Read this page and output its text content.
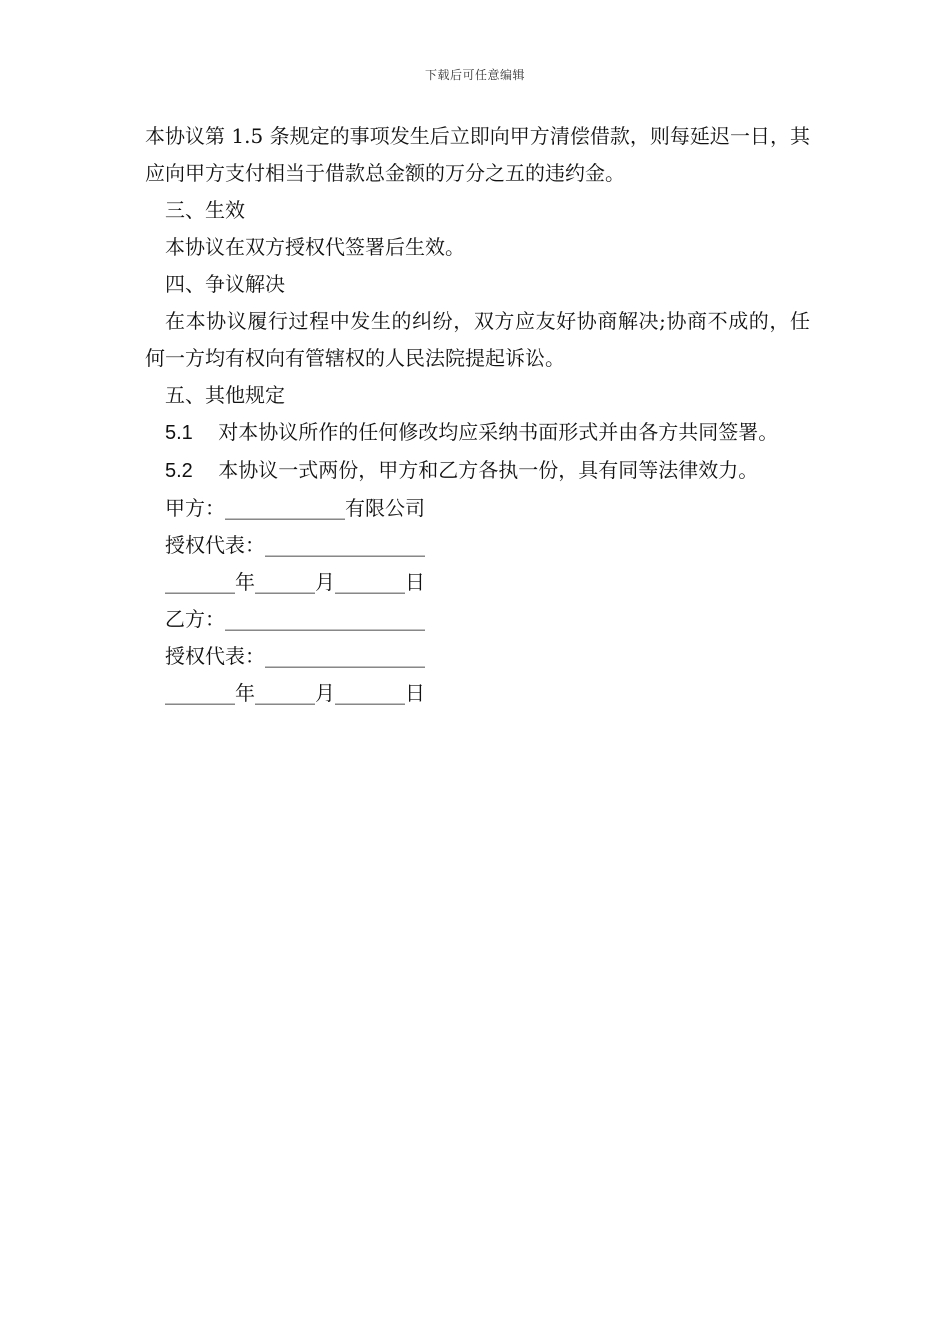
下载后可任意编辑

本协议第 1.5 条规定的事项发生后立即向甲方清偿借款，则每延迟一日，其应向甲方支付相当于借款总金额的万分之五的违约金。

三、生效

本协议在双方授权代签署后生效。

四、争议解决

在本协议履行过程中发生的纠纷，双方应友好协商解决;协商不成的，任何一方均有权向有管辖权的人民法院提起诉讼。

五、其他规定

5.1 对本协议所作的任何修改均应采纳书面形式并由各方共同签署。

5.2 本协议一式两份，甲方和乙方各执一份，具有同等法律效力。

甲方：____________有限公司

授权代表：________________

_______年______月_______日

乙方：____________________

授权代表：________________

_______年______月_______日
